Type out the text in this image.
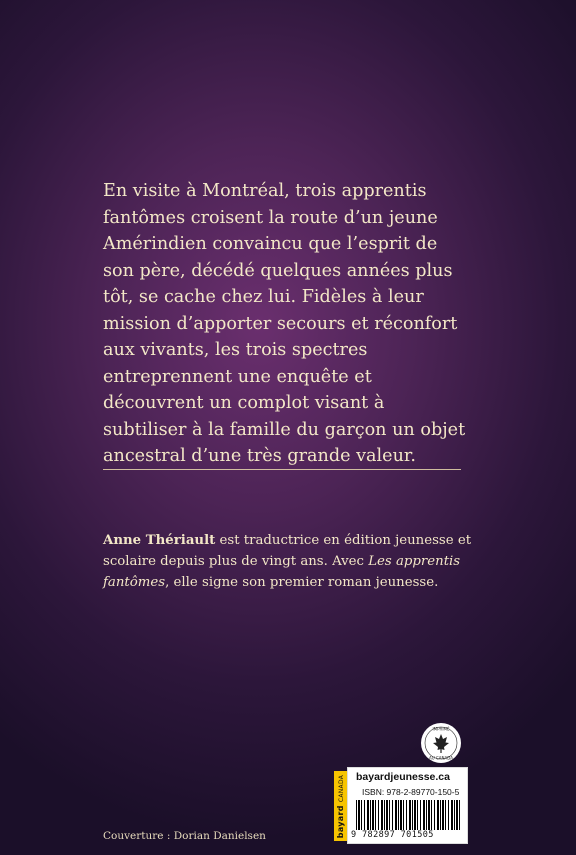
En visite à Montréal, trois apprentis fantômes croisent la route d’un jeune Amérindien convaincu que l’esprit de son père, décédé quelques années plus tôt, se cache chez lui. Fidèles à leur mission d’apporter secours et réconfort aux vivants, les trois spectres entreprennent une enquête et découvrent un complot visant à subtiliser à la famille du garçon un objet ancestral d’une très grande valeur.

Anne Thériault est traductrice en édition jeunesse et scolaire depuis plus de vingt ans. Avec Les apprentis fantômes, elle signe son premier roman jeunesse.

IMPRIMÉ
AU CANADA
Couverture : Dorian Danielsen	bayard CANADA bayardjeunesse.ca
ISBN: 978-2-89770-150-5
9 782897 701505
